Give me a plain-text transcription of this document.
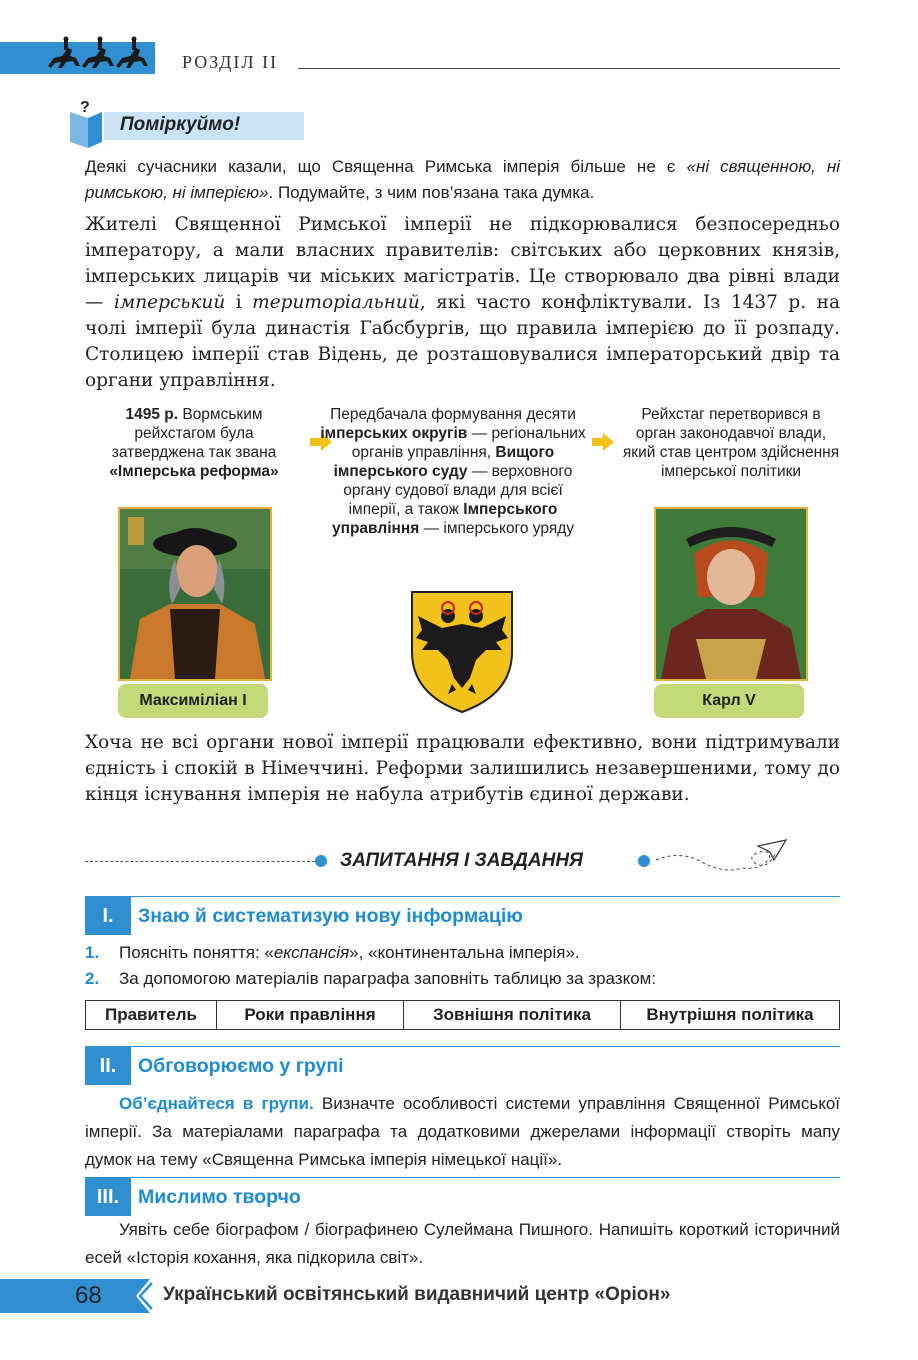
РОЗДІЛ II
?
Поміркуймо!
Деякі сучасники казали, що Священна Римська імперія більше не є «ні священною, ні римською, ні імперією». Подумайте, з чим пов’язана така думка.
Жителі Священної Римської імперії не підкорювалися безпосередньо імператору, а мали власних правителів: світських або церковних князів, імперських лицарів чи міських магістратів. Це створювало два рівні влади — імперський і територіальний, які часто конфліктували. Із 1437 р. на чолі імперії була династія Габсбургів, що правила імперією до її розпаду. Столицею імперії став Відень, де розташовувалися імператорський двір та органи управління.
1495 р. Вормським рейхстагом була затверджена так звана «Імперська реформа»
Передбачала формування десяти імперських округів — регіональних органів управління, Вищого імперського суду — верховного органу судової влади для всієї імперії, а також Імперського управління — імперського уряду
Рейхстаг перетворився в орган законодавчої влади, який став центром здійснення імперської політики
Максиміліан І	Карл V
Хоча не всі органи нової імперії працювали ефективно, вони підтримували єдність і спокій в Німеччині. Реформи залишились незавершеними, тому до кінця існування імперія не набула атрибутів єдиної держави.
ЗАПИТАННЯ І ЗАВДАННЯ
I.	Знаю й систематизую нову інформацію
1. Поясніть поняття: «експансія», «континентальна імперія».
2. За допомогою матеріалів параграфа заповніть таблицю за зразком:
Правитель	Роки правління	Зовнішня політика	Внутрішня політика
II.	Обговорюємо у групі
Об’єднайтеся в групи. Визначте особливості системи управління Священної Римської імперії. За матеріалами параграфа та додатковими джерелами інформації створіть мапу думок на тему «Священна Римська імперія німецької нації».
III. Мислимо творчо
Уявіть себе біографом / біографинею Сулеймана Пишного. Напишіть короткий історичний есей «Історія кохання, яка підкорила світ».
68	Український освітянський видавничий центр «Оріон»
